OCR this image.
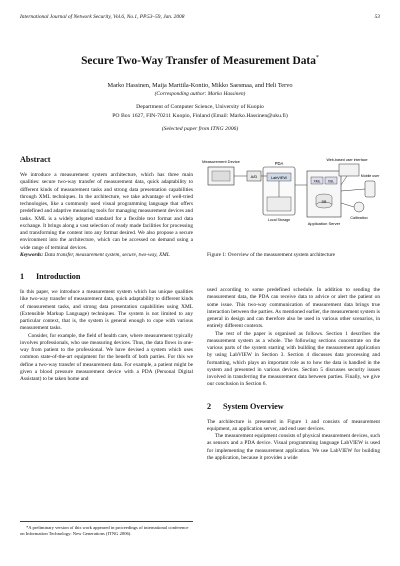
International Journal of Network Security, Vol.6, No.1, PP.53–59, Jan. 2008	53
Secure Two-Way Transfer of Measurement Data*
Marko Hassinen, Maija Marttila-Kontio, Mikko Saesmaa, and Heli Tervo
(Corresponding author: Marko Hassinen)
Department of Computer Science, University of Kuopio
PO Box 1627, FIN-70211 Kuopio, Finland (Email: Marko.Hassinen@uku.fi)
(Selected paper from ITNG 2006)
Abstract

We introduce a measurement system architecture, which has three main qualities: secure two-way transfer of measurement data, quick adaptability to different kinds of measurement tasks and strong data presentation capabilities through XML techniques. In the architecture, we take advantage of well-tried technologies, like a commonly used visual programming language that offers predefined and adaptive measuring tools for managing measurement devices and tasks. XML is a widely adopted standard for a flexible text format and data exchange. It brings along a vast selection of ready made facilities for processing and transforming the content into any format desired. We also propose a secure environment into the architecture, which can be accessed on demand using a wide range of terminal devices.

Keywords: Data transfer, measurement system, secure, two-way, XML

1 Introduction

In this paper, we introduce a measurement system which has unique qualities like two-way transfer of measurement data, quick adaptability to different kinds of measurement tasks, and strong data presentation capabilities using XML (Extensible Markup Language) techniques. The system is not limited to any particular context, that is, the system is general enough to cope with various measurement tasks.

Consider, for example, the field of health care, where measurement typically involves professionals, who use measuring devices. Thus, the data flows in one-way from patient to the professional. We have devised a system which uses common state-of-the-art equipment for the benefit of both parties. For this we define a two-way transfer of measurement data. For example, a patient might be given a blood pressure measurement device with a PDA (Personal Digital Assistant) to be taken home and

*A preliminary version of this work appeared in proceedings of international conference on Information Technology: New Generations (ITNG 2006).

Measurement Device
A/D
PDA
LabVIEW
Local Storage
XML XSL
DB
Application Server
Web-based user interface
Mobile user
Calibration
Figure 1: Overview of the measurement system architecture

used according to some predefined schedule. In addition to sending the measurement data, the PDA can receive data to advice or alert the patient on some issue. This two-way communication of measurement data brings true interaction between the parties. As mentioned earlier, the measurement system is general in design and can therefore also be used in various other scenarios, in entirely different contexts.

The rest of the paper is organised as follows. Section 1 describes the measurement system as a whole. The following sections concentrate on the various parts of the system starting with building the measurement application by using LabVIEW in Section 3. Section 4 discusses data processing and formatting, which plays an important role as to how the data is handled in the system and presented in various devices. Section 5 discusses security issues involved in transferring the measurement data between parties. Finally, we give our conclusion in Section 6.

2 System Overview

The architecture is presented in Figure 1 and consists of measurement equipment, an application server, and end user devices.

The measurement equipment consists of physical measurement devices, such as sensors and a PDA device. Visual programming language LabVIEW is used for implementing the measurement application. We use LabVIEW for building the application, because it provides a wide
